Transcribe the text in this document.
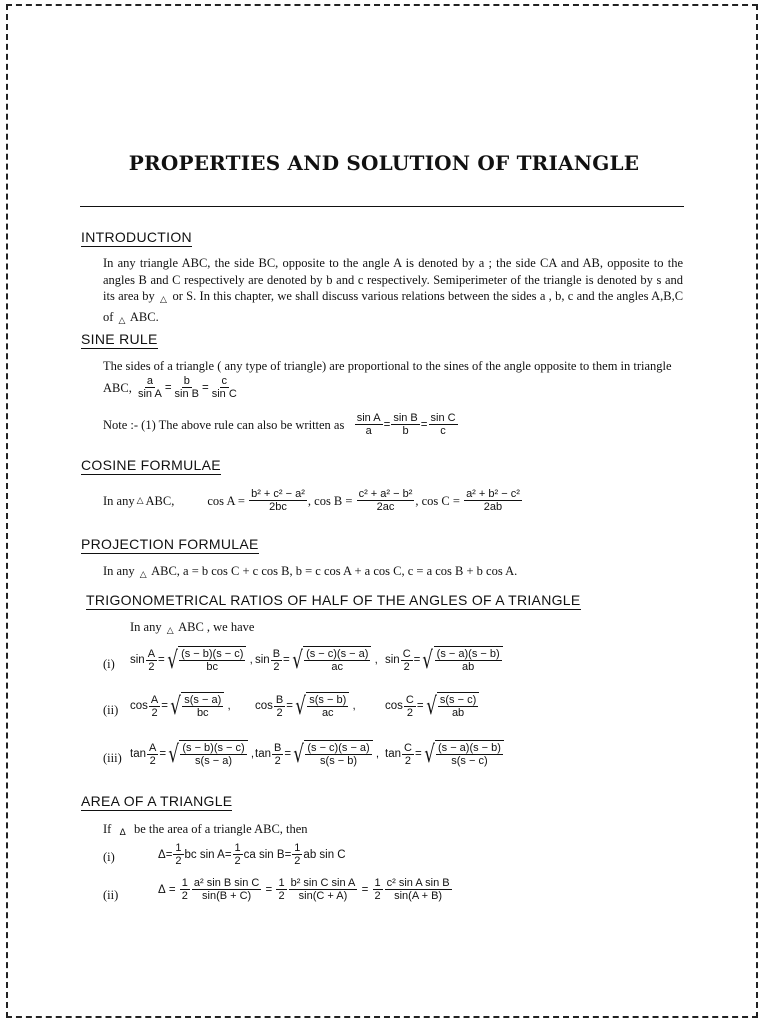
PROPERTIES AND SOLUTION OF TRIANGLE
INTRODUCTION
In any triangle ABC, the side BC, opposite to the angle A is denoted by a ; the side CA and AB, opposite to the angles B and C respectively are denoted by b and c respectively. Semiperimeter of the triangle is denoted by s and its area by △ or S. In this chapter, we shall discuss various relations between the sides a , b, c and the angles A,B,C of △ ABC.
SINE RULE
The sides of a triangle ( any type of triangle) are proportional to the sines of the angle opposite to them in triangle
ABC,
$\frac{a}{\text{sin A}} = \frac{b}{\text{sin B}} = \frac{c}{\text{sin C}}$
Note :- (1) The above rule can also be written as
$\frac{\text{sin A}}{a} = \frac{\text{sin B}}{b} = \frac{\text{sin C}}{c}$
COSINE FORMULAE
In any △ ABC,	cos A =
$\frac{\text{b² + c² − a²}}{2bc}$ , cos B =
$\frac{\text{c² + a² − b²}}{2ac}$ , cos C =
$\frac{\text{a² + b² − c²}}{2ab}$
PROJECTION FORMULAE
In any △ ABC, a = b cos C + c cos B, b = c cos A + a cos C, c = a cos B + b cos A.
TRIGONOMETRICAL RATIOS OF HALF OF THE ANGLES OF A TRIANGLE
In any △ ABC , we have
(i) $\sin \frac{A}{2}$ = √ $\frac{(s - b)(s - c)}{bc}$ , $\sin \frac{B}{2}$ = √ $\frac{(s - c)(s - a)}{ac}$ , $\sin \frac{C}{2}$ = √ $\frac{(s - a)(s - b)}{ab}$
(ii) $\cos \frac{A}{2}$ = √ $\frac{s(s - a)}{bc}$ , $\cos \frac{B}{2}$ = √ $\frac{s(s - b)}{ac}$ , $\cos \frac{C}{2}$ = √ $\frac{s(s - c)}{ab}$
(iii) $\tan \frac{A}{2}$ = √ $\frac{(s - b)(s - c)}{s(s - a)}$ ,
$\tan \frac{B}{2}$ = √ $\frac{(s - c)(s - a)}{s(s - b)}$ , $\tan \frac{C}{2}$ = √ $\frac{(s - a)(s - b)}{s(s - c)}$
AREA OF A TRIANGLE
If Δ be the area of a triangle ABC, then
(i)	$\Delta = \frac{1}{2}$ bc $\sin A = \frac{1}{2}$ ca $\sin B = \frac{1}{2}$ ab sin C
(ii)	$\Delta = \frac{1}{2} \frac{\text{a² sin B sin C}}{\sin(B + C)} = \frac{1}{2} \frac{\text{b² sin C sin A}}{\sin(C + A)} = \frac{1}{2} \frac{\text{c² sin A sin B}}{\sin(A + B)}$
